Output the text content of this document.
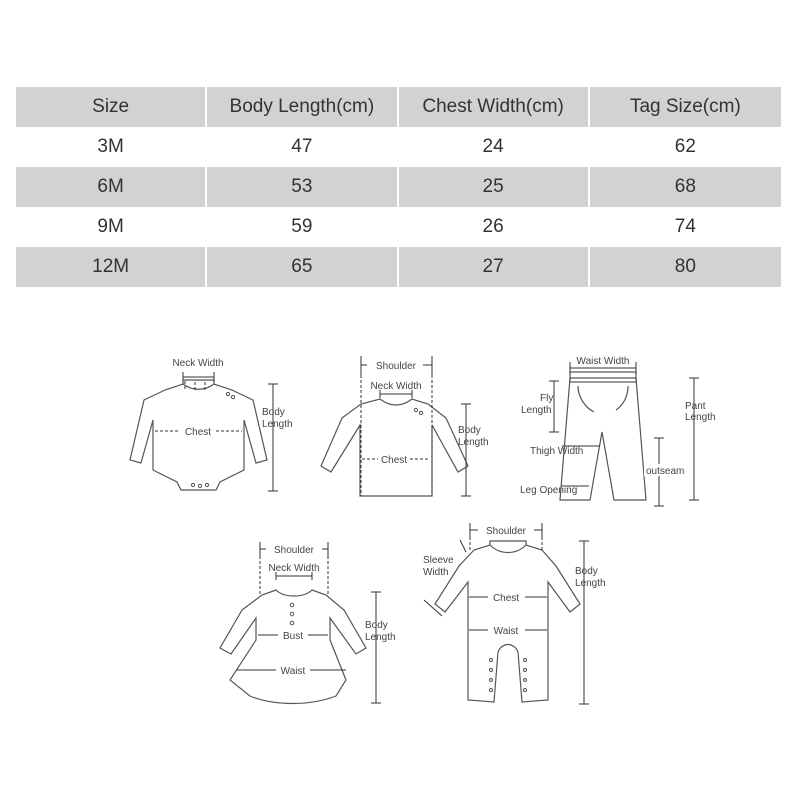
Size	Body Length(cm)	Chest Width(cm)	Tag Size(cm)
3M	47	24	62
6M	53	25	68
9M	59	26	74
12M	65	27	80
Neck Width
Chest
Body
Length
Shoulder
Neck Width
Chest
Body
Length
Waist Width
Fly
Length
Thigh Width
Leg Opening
outseam
Pant
Length
Shoulder
Neck Width
Bust
Waist
Body
Length
Shoulder
Sleeve
Width
Chest
Waist
Body
Length
